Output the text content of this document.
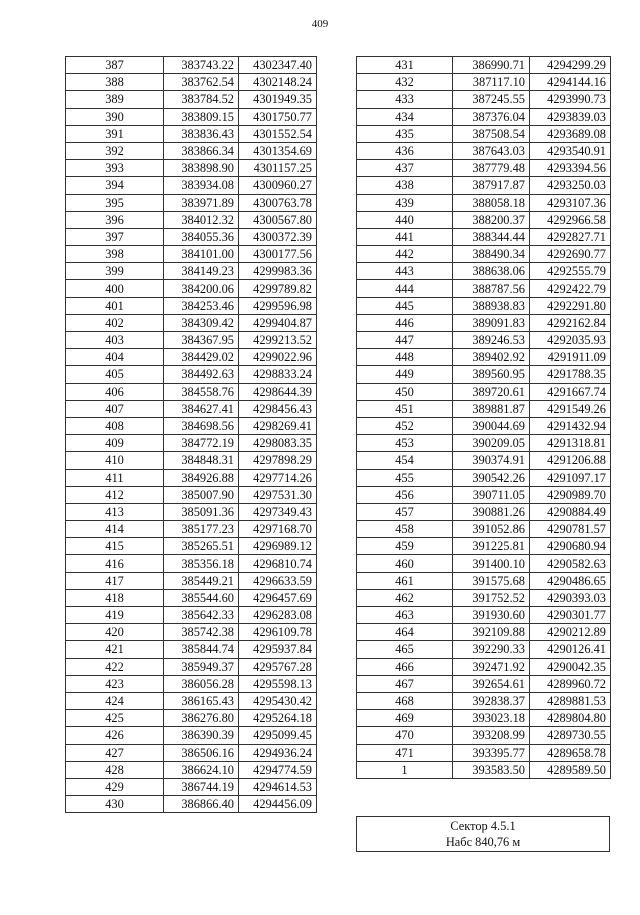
409
387	383743.22	4302347.40
388	383762.54	4302148.24
389	383784.52	4301949.35
390	383809.15	4301750.77
391	383836.43	4301552.54
392	383866.34	4301354.69
393	383898.90	4301157.25
394	383934.08	4300960.27
395	383971.89	4300763.78
396	384012.32	4300567.80
397	384055.36	4300372.39
398	384101.00	4300177.56
399	384149.23	4299983.36
400	384200.06	4299789.82
401	384253.46	4299596.98
402	384309.42	4299404.87
403	384367.95	4299213.52
404	384429.02	4299022.96
405	384492.63	4298833.24
406	384558.76	4298644.39
407	384627.41	4298456.43
408	384698.56	4298269.41
409	384772.19	4298083.35
410	384848.31	4297898.29
411	384926.88	4297714.26
412	385007.90	4297531.30
413	385091.36	4297349.43
414	385177.23	4297168.70
415	385265.51	4296989.12
416	385356.18	4296810.74
417	385449.21	4296633.59
418	385544.60	4296457.69
419	385642.33	4296283.08
420	385742.38	4296109.78
421	385844.74	4295937.84
422	385949.37	4295767.28
423	386056.28	4295598.13
424	386165.43	4295430.42
425	386276.80	4295264.18
426	386390.39	4295099.45
427	386506.16	4294936.24
428	386624.10	4294774.59
429	386744.19	4294614.53
430	386866.40	4294456.09
431	386990.71	4294299.29
432	387117.10	4294144.16
433	387245.55	4293990.73
434	387376.04	4293839.03
435	387508.54	4293689.08
436	387643.03	4293540.91
437	387779.48	4293394.56
438	387917.87	4293250.03
439	388058.18	4293107.36
440	388200.37	4292966.58
441	388344.44	4292827.71
442	388490.34	4292690.77
443	388638.06	4292555.79
444	388787.56	4292422.79
445	388938.83	4292291.80
446	389091.83	4292162.84
447	389246.53	4292035.93
448	389402.92	4291911.09
449	389560.95	4291788.35
450	389720.61	4291667.74
451	389881.87	4291549.26
452	390044.69	4291432.94
453	390209.05	4291318.81
454	390374.91	4291206.88
455	390542.26	4291097.17
456	390711.05	4290989.70
457	390881.26	4290884.49
458	391052.86	4290781.57
459	391225.81	4290680.94
460	391400.10	4290582.63
461	391575.68	4290486.65
462	391752.52	4290393.03
463	391930.60	4290301.77
464	392109.88	4290212.89
465	392290.33	4290126.41
466	392471.92	4290042.35
467	392654.61	4289960.72
468	392838.37	4289881.53
469	393023.18	4289804.80
470	393208.99	4289730.55
471	393395.77	4289658.78
1	393583.50	4289589.50
Сектор 4.5.1
Набс 840,76 м
